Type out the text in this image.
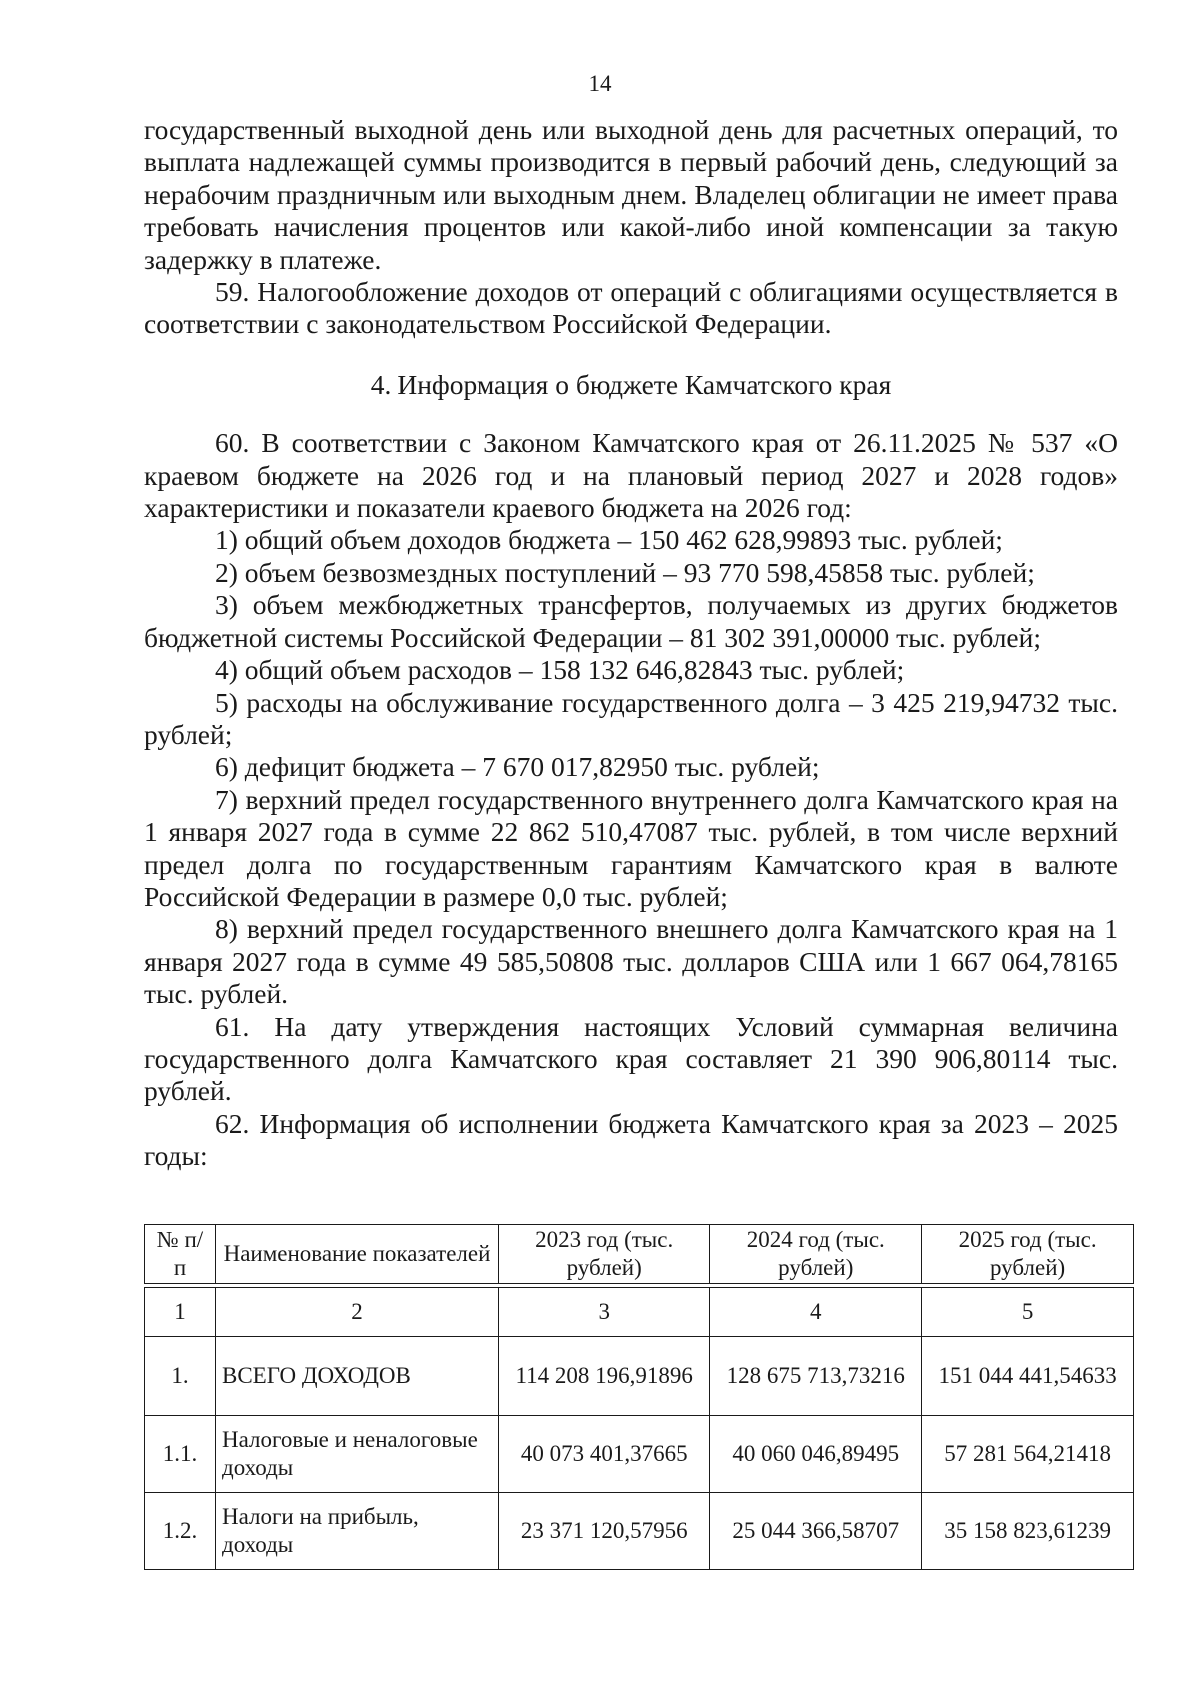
14

государственный выходной день или выходной день для расчетных операций, то выплата надлежащей суммы производится в первый рабочий день, следующий за нерабочим праздничным или выходным днем. Владелец облигации не имеет права требовать начисления процентов или какой-либо иной компенсации за такую задержку в платеже.

59. Налогообложение доходов от операций с облигациями осуществляется в соответствии с законодательством Российской Федерации.

4. Информация о бюджете Камчатского края

60. В соответствии с Законом Камчатского края от 26.11.2025 № 537 «О краевом бюджете на 2026 год и на плановый период 2027 и 2028 годов» характеристики и показатели краевого бюджета на 2026 год:

1) общий объем доходов бюджета – 150 462 628,99893 тыс. рублей;

2) объем безвозмездных поступлений – 93 770 598,45858 тыс. рублей;

3) объем межбюджетных трансфертов, получаемых из других бюджетов бюджетной системы Российской Федерации – 81 302 391,00000 тыс. рублей;

4) общий объем расходов – 158 132 646,82843 тыс. рублей;

5) расходы на обслуживание государственного долга – 3 425 219,94732 тыс. рублей;

6) дефицит бюджета – 7 670 017,82950 тыс. рублей;

7) верхний предел государственного внутреннего долга Камчатского края на 1 января 2027 года в сумме 22 862 510,47087 тыс. рублей, в том числе верхний предел долга по государственным гарантиям Камчатского края в валюте Российской Федерации в размере 0,0 тыс. рублей;

8) верхний предел государственного внешнего долга Камчатского края на 1 января 2027 года в сумме 49 585,50808 тыс. долларов США или 1 667 064,78165 тыс. рублей.

61. На дату утверждения настоящих Условий суммарная величина государственного долга Камчатского края составляет 21 390 906,80114 тыс. рублей.

62. Информация об исполнении бюджета Камчатского края за 2023 – 2025 годы:

№ п/п	Наименование показателей	2023 год (тыс. рублей)	2024 год (тыс. рублей)	2025 год (тыс. рублей)

1	2	3	4	5
1.	ВСЕГО ДОХОДОВ	114 208 196,91896	128 675 713,73216	151 044 441,54633
1.1.	Налоговые и неналоговые доходы	40 073 401,37665	40 060 046,89495	57 281 564,21418
1.2.	Налоги на прибыль, доходы	23 371 120,57956	25 044 366,58707	35 158 823,61239
